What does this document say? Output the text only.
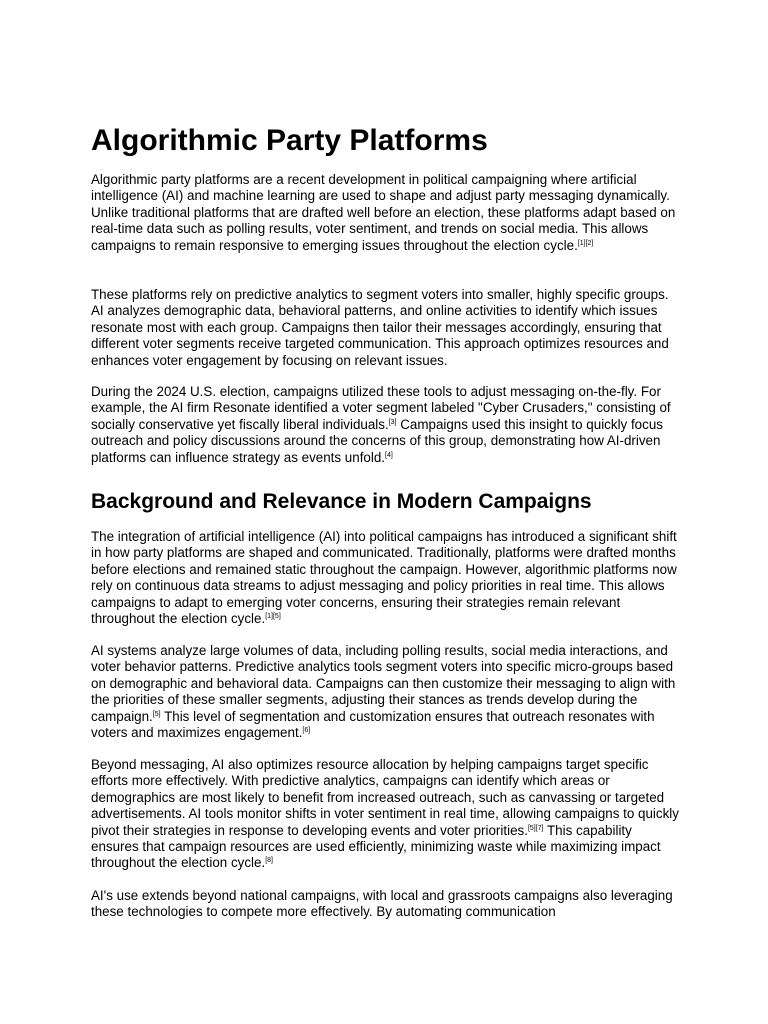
Algorithmic Party Platforms

Algorithmic party platforms are a recent development in political campaigning where artificial intelligence (AI) and machine learning are used to shape and adjust party messaging dynamically. Unlike traditional platforms that are drafted well before an election, these platforms adapt based on real-time data such as polling results, voter sentiment, and trends on social media. This allows campaigns to remain responsive to emerging issues throughout the election cycle.[1][2]

These platforms rely on predictive analytics to segment voters into smaller, highly specific groups. AI analyzes demographic data, behavioral patterns, and online activities to identify which issues resonate most with each group. Campaigns then tailor their messages accordingly, ensuring that different voter segments receive targeted communication. This approach optimizes resources and enhances voter engagement by focusing on relevant issues.

During the 2024 U.S. election, campaigns utilized these tools to adjust messaging on-the-fly. For example, the AI firm Resonate identified a voter segment labeled "Cyber Crusaders," consisting of socially conservative yet fiscally liberal individuals.[3] Campaigns used this insight to quickly focus outreach and policy discussions around the concerns of this group, demonstrating how AI-driven platforms can influence strategy as events unfold.[4]

Background and Relevance in Modern Campaigns

The integration of artificial intelligence (AI) into political campaigns has introduced a significant shift in how party platforms are shaped and communicated. Traditionally, platforms were drafted months before elections and remained static throughout the campaign. However, algorithmic platforms now rely on continuous data streams to adjust messaging and policy priorities in real time. This allows campaigns to adapt to emerging voter concerns, ensuring their strategies remain relevant throughout the election cycle.[1][5]

AI systems analyze large volumes of data, including polling results, social media interactions, and voter behavior patterns. Predictive analytics tools segment voters into specific micro-groups based on demographic and behavioral data. Campaigns can then customize their messaging to align with the priorities of these smaller segments, adjusting their stances as trends develop during the campaign.[5] This level of segmentation and customization ensures that outreach resonates with voters and maximizes engagement.[6]

Beyond messaging, AI also optimizes resource allocation by helping campaigns target specific efforts more effectively. With predictive analytics, campaigns can identify which areas or demographics are most likely to benefit from increased outreach, such as canvassing or targeted advertisements. AI tools monitor shifts in voter sentiment in real time, allowing campaigns to quickly pivot their strategies in response to developing events and voter priorities.[5][7] This capability ensures that campaign resources are used efficiently, minimizing waste while maximizing impact throughout the election cycle.[8]

AI's use extends beyond national campaigns, with local and grassroots campaigns also leveraging these technologies to compete more effectively. By automating communication
